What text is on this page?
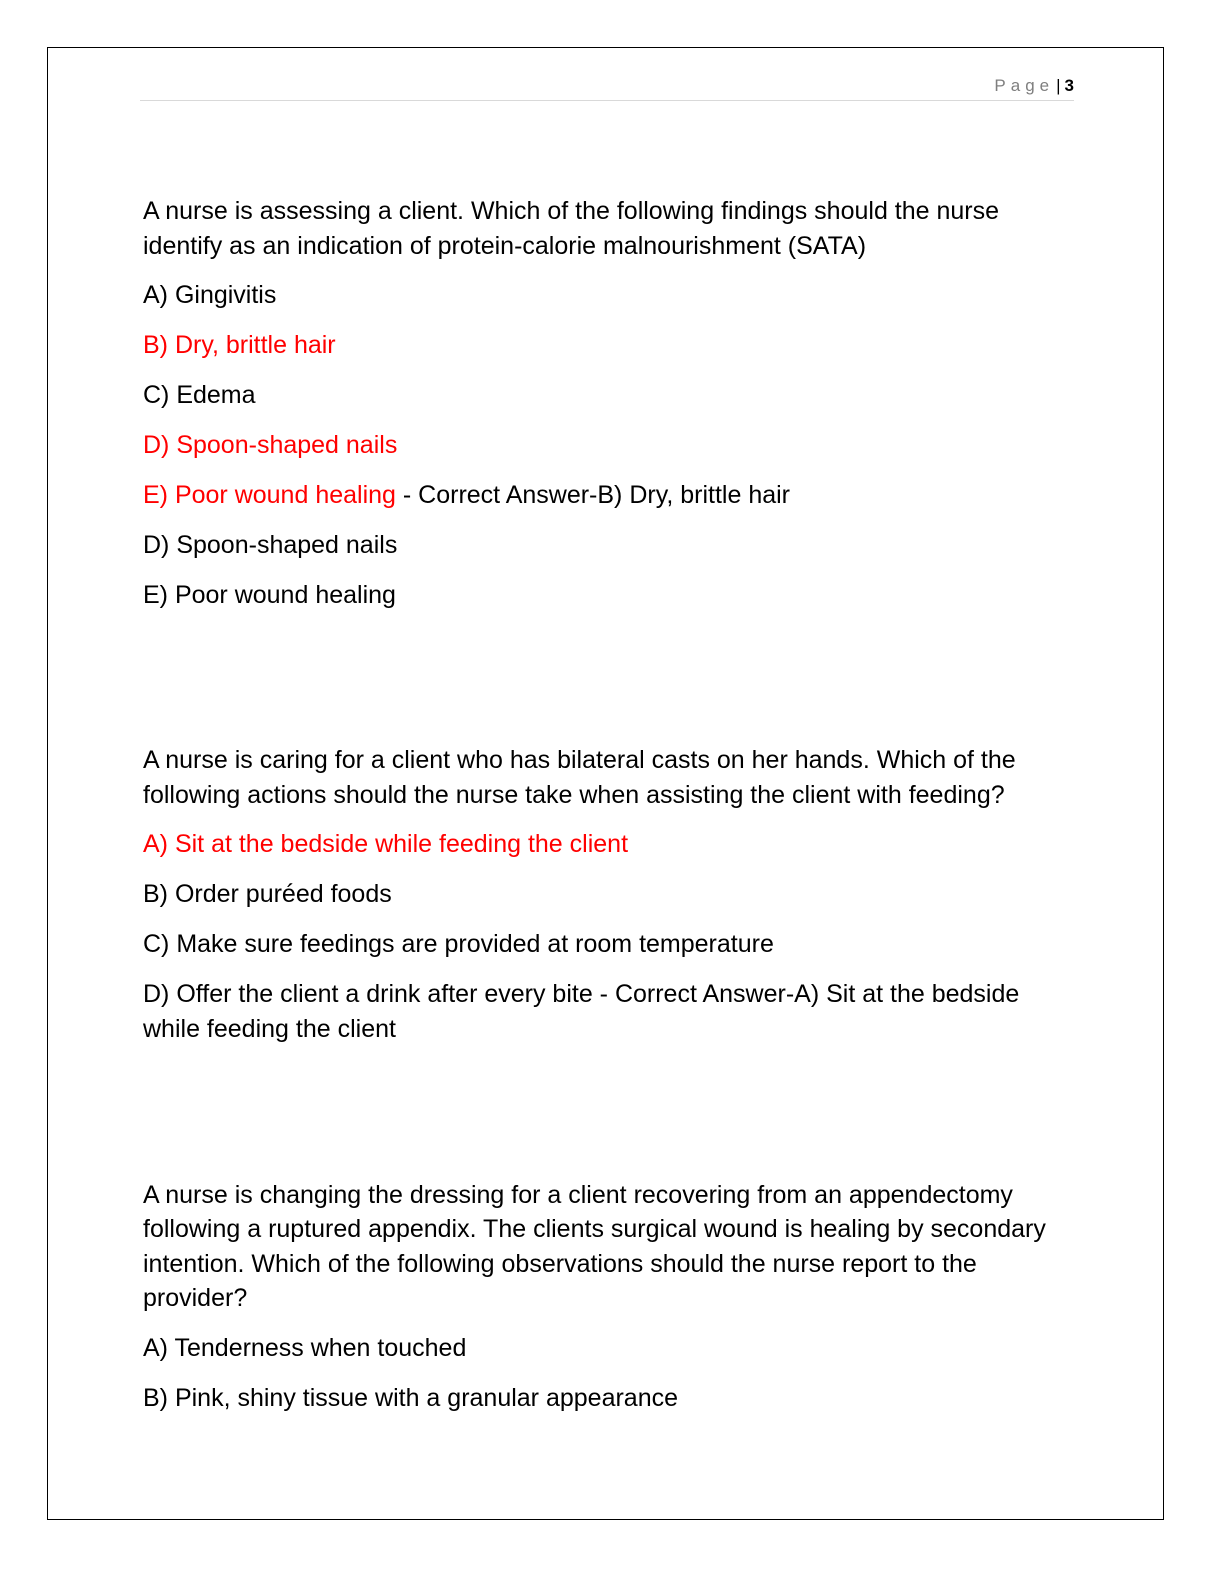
Page | 3

A nurse is assessing a client. Which of the following findings should the nurse identify as an indication of protein-calorie malnourishment (SATA)

A) Gingivitis

B) Dry, brittle hair

C) Edema

D) Spoon-shaped nails

E) Poor wound healing - Correct Answer-B) Dry, brittle hair

D) Spoon-shaped nails

E) Poor wound healing

A nurse is caring for a client who has bilateral casts on her hands. Which of the following actions should the nurse take when assisting the client with feeding?

A) Sit at the bedside while feeding the client

B) Order puréed foods

C) Make sure feedings are provided at room temperature

D) Offer the client a drink after every bite - Correct Answer-A) Sit at the bedside while feeding the client

A nurse is changing the dressing for a client recovering from an appendectomy following a ruptured appendix. The clients surgical wound is healing by secondary intention. Which of the following observations should the nurse report to the provider?

A) Tenderness when touched

B) Pink, shiny tissue with a granular appearance
